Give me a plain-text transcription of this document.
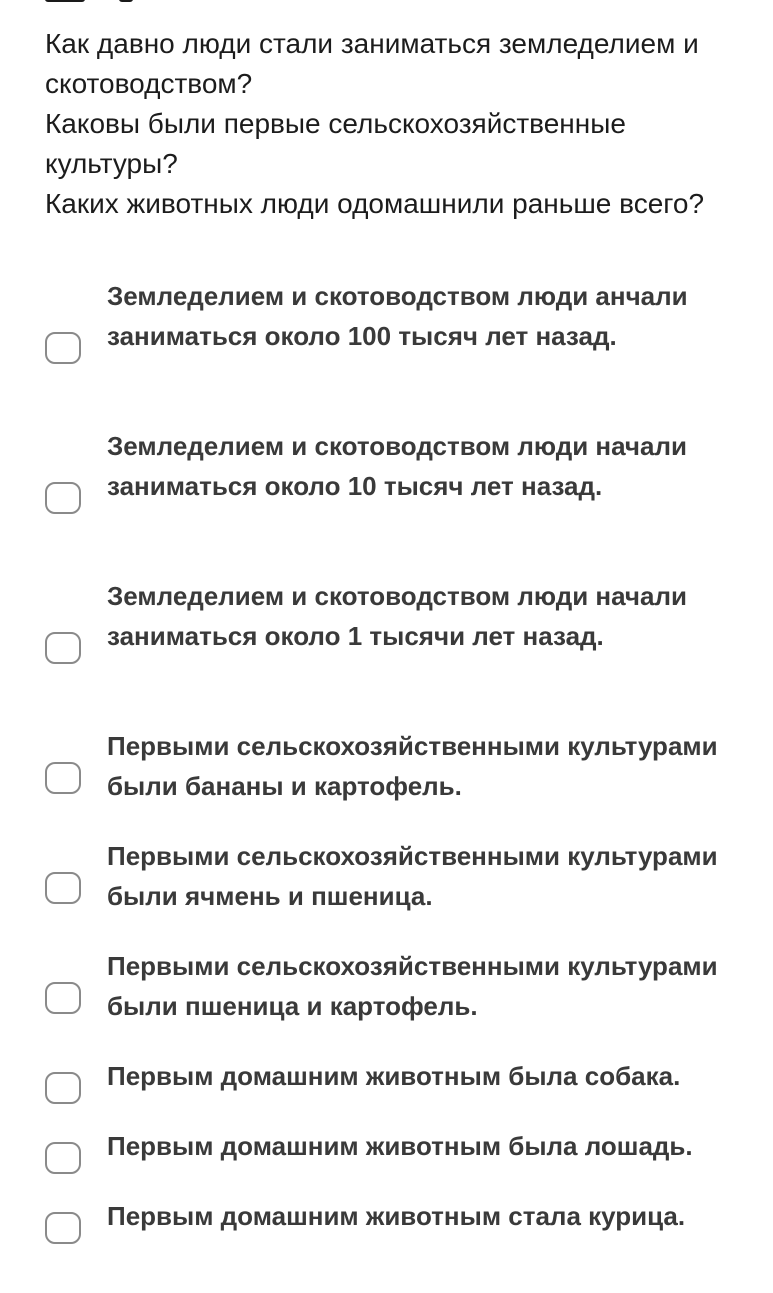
Как давно люди стали заниматься земледелием и скотоводством?

Каковы были первые сельскохозяйственные культуры?

Каких животных люди одомашнили раньше всего?

Земледелием и скотоводством люди анчали заниматься около 100 тысяч лет назад.
Земледелием и скотоводством люди начали заниматься около 10 тысяч лет назад.
Земледелием и скотоводством люди начали заниматься около 1 тысячи лет назад.
Первыми сельскохозяйственными культурами были бананы и картофель.
Первыми сельскохозяйственными культурами были ячмень и пшеница.
Первыми сельскохозяйственными культурами были пшеница и картофель.
Первым домашним животным была собака.
Первым домашним животным была лошадь.
Первым домашним животным стала курица.
